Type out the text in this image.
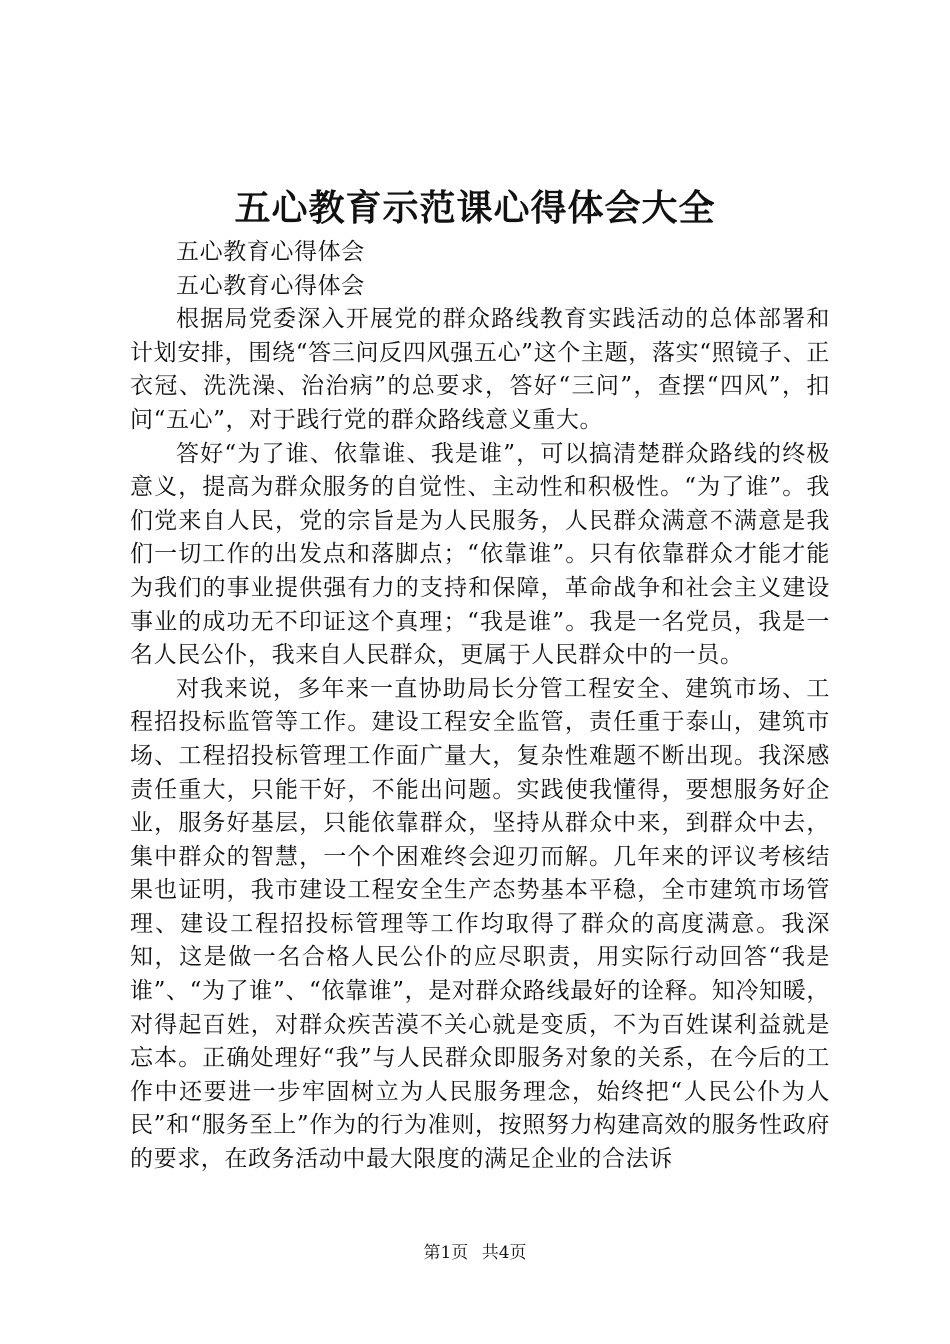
五心教育示范课心得体会大全

五心教育心得体会

五心教育心得体会

根据局党委深入开展党的群众路线教育实践活动的总体部署和计划安排，围绕“答三问反四风强五心”这个主题，落实“照镜子、正衣冠、洗洗澡、治治病”的总要求，答好“三问”，查摆“四风”，扣问“五心”，对于践行党的群众路线意义重大。

答好“为了谁、依靠谁、我是谁”，可以搞清楚群众路线的终极意义，提高为群众服务的自觉性、主动性和积极性。“为了谁”。我们党来自人民，党的宗旨是为人民服务，人民群众满意不满意是我们一切工作的出发点和落脚点；“依靠谁”。只有依靠群众才能才能为我们的事业提供强有力的支持和保障，革命战争和社会主义建设事业的成功无不印证这个真理；“我是谁”。我是一名党员，我是一名人民公仆，我来自人民群众，更属于人民群众中的一员。

对我来说，多年来一直协助局长分管工程安全、建筑市场、工程招投标监管等工作。建设工程安全监管，责任重于泰山，建筑市场、工程招投标管理工作面广量大，复杂性难题不断出现。我深感责任重大，只能干好，不能出问题。实践使我懂得，要想服务好企业，服务好基层，只能依靠群众，坚持从群众中来，到群众中去，集中群众的智慧，一个个困难终会迎刃而解。几年来的评议考核结果也证明，我市建设工程安全生产态势基本平稳，全市建筑市场管理、建设工程招投标管理等工作均取得了群众的高度满意。我深知，这是做一名合格人民公仆的应尽职责，用实际行动回答“我是谁”、“为了谁”、“依靠谁”，是对群众路线最好的诠释。知冷知暖，对得起百姓，对群众疾苦漠不关心就是变质，不为百姓谋利益就是忘本。正确处理好“我”与人民群众即服务对象的关系，在今后的工作中还要进一步牢固树立为人民服务理念，始终把“人民公仆为人民”和“服务至上”作为的行为准则，按照努力构建高效的服务性政府的要求，在政务活动中最大限度的满足企业的合法诉

第1页 共4页
